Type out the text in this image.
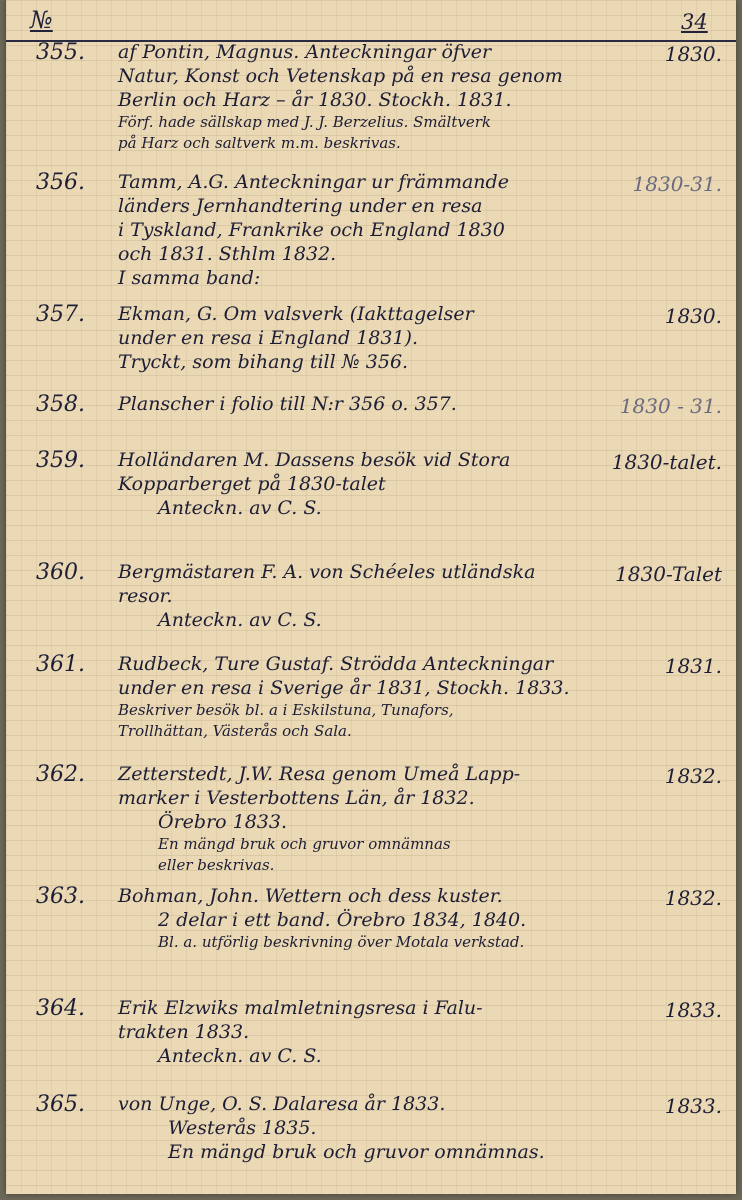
№	34
355. af Pontin, Magnus. Anteckningar öfver
Natur, Konst och Vetenskap på en resa genom
Berlin och Harz – år 1830. Stockh. 1831.
Förf. hade sällskap med J. J. Berzelius. Smältverk
på Harz och saltverk m.m. beskrivas.
1830.
356. Tamm, A.G. Anteckningar ur främmande
länders Jernhandtering under en resa
i Tyskland, Frankrike och England 1830
och 1831. Sthlm 1832.
I samma band:
1830-31.
357. Ekman, G. Om valsverk (Iakttagelser
under en resa i England 1831).
Tryckt, som bihang till № 356.
1830.
358. Planscher i folio till N:r 356 o. 357.	1830 - 31.
359. Holländaren M. Dassens besök vid Stora
Kopparberget på 1830-talet
Anteckn. av C. S.
1830-talet.
360. Bergmästaren F. A. von Schéeles utländska
resor.
Anteckn. av C. S.
1830-Talet
361. Rudbeck, Ture Gustaf. Strödda Anteckningar
under en resa i Sverige år 1831, Stockh. 1833.
Beskriver besök bl. a i Eskilstuna, Tunafors,
Trollhättan, Västerås och Sala.
1831.
362. Zetterstedt, J.W. Resa genom Umeå Lapp-
marker i Vesterbottens Län, år 1832.
Örebro 1833.
En mängd bruk och gruvor omnämnas
eller beskrivas.
1832.
363. Bohman, John. Wettern och dess kuster.
2 delar i ett band. Örebro 1834, 1840.
Bl. a. utförlig beskrivning över Motala verkstad.
1832.
364. Erik Elzwiks malmletningsresa i Falu-
trakten 1833.
Anteckn. av C. S.
1833.
365. von Unge, O. S. Dalaresa år 1833.
Westerås 1835.
En mängd bruk och gruvor omnämnas.
1833.
